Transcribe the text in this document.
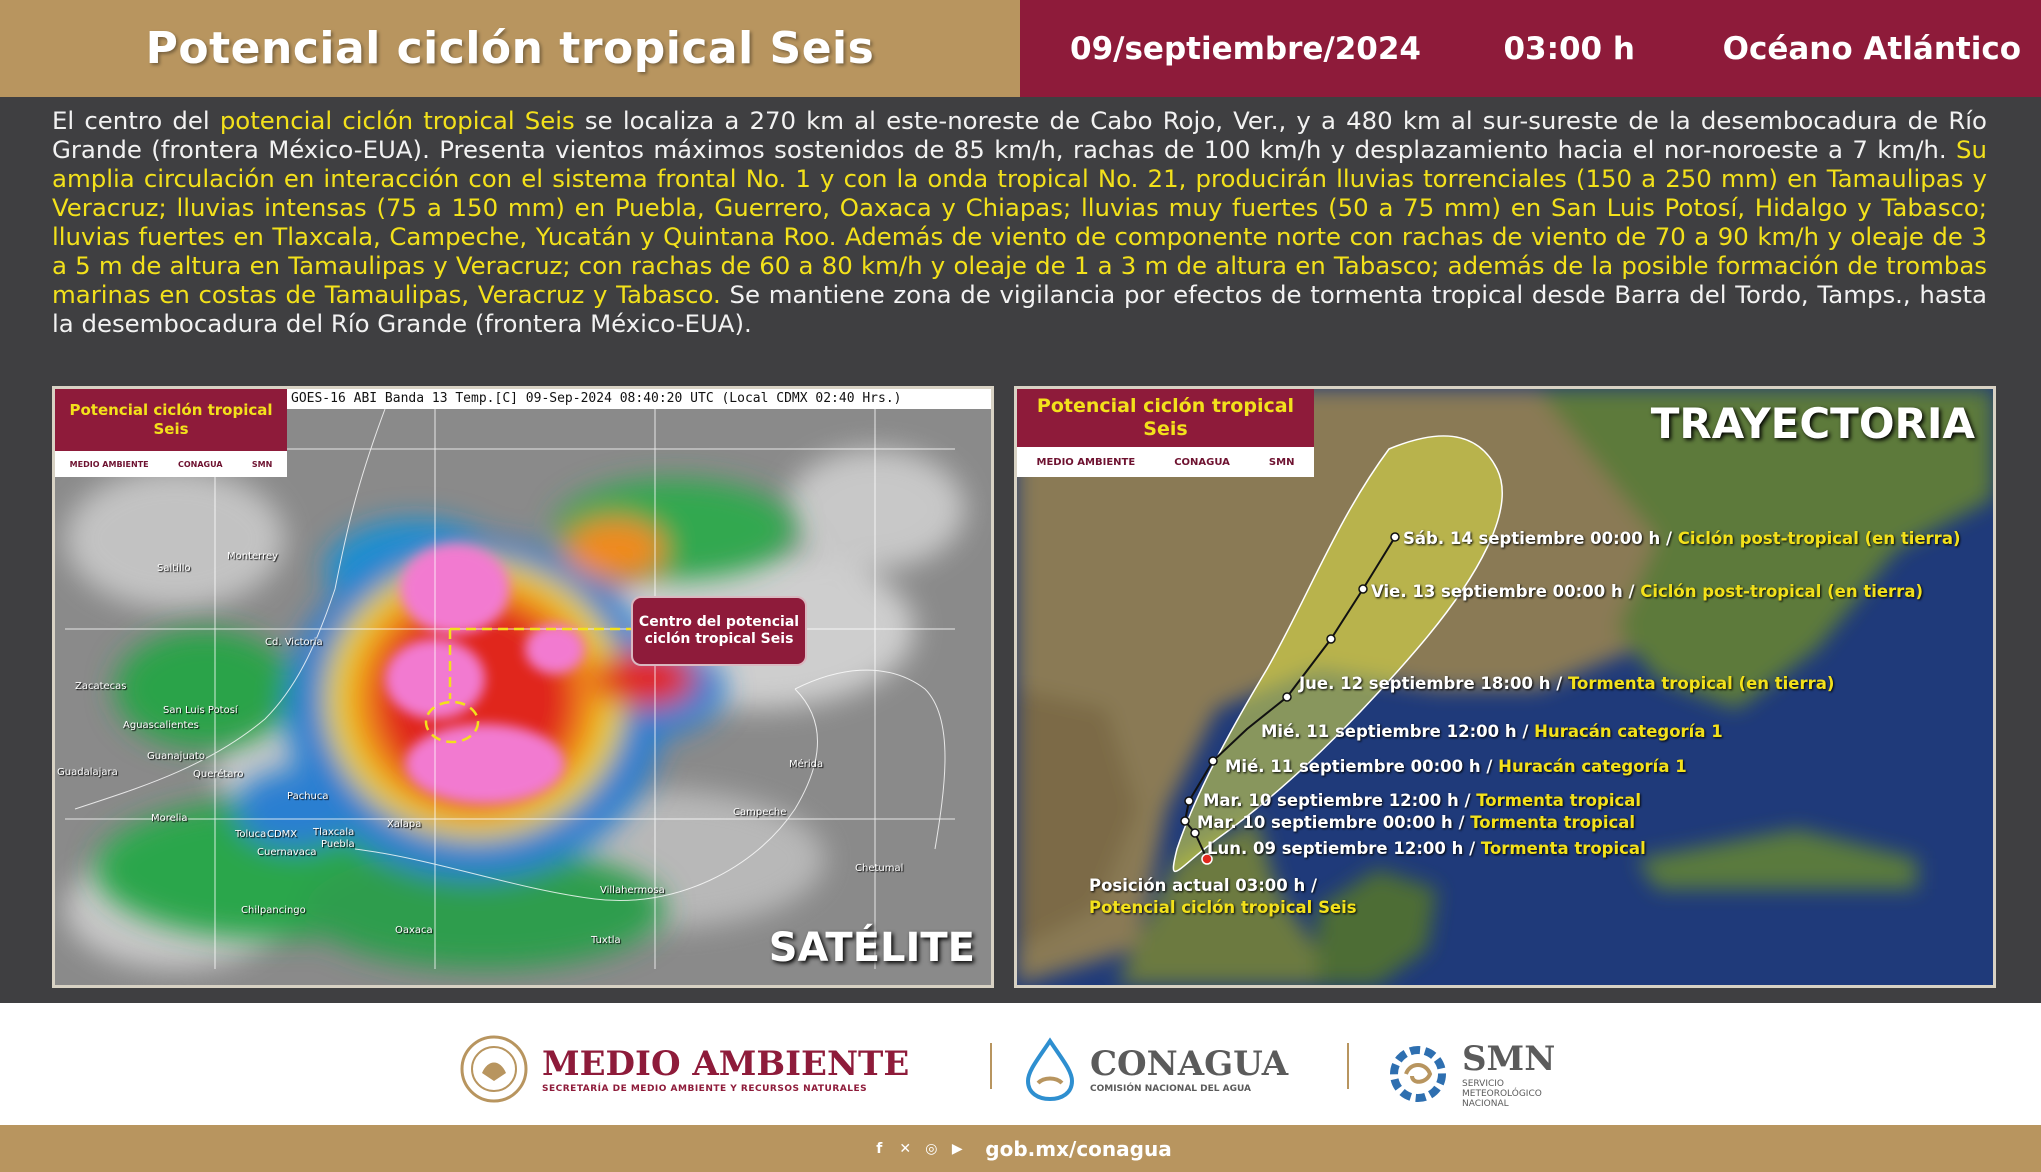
Potencial ciclón tropical Seis	09/septiembre/2024	03:00 h	Océano Atlántico
El centro del potencial ciclón tropical Seis se localiza a 270 km al este-noreste de Cabo Rojo, Ver., y a 480 km al sur-sureste de la desembocadura de Río Grande (frontera México-EUA). Presenta vientos máximos sostenidos de 85 km/h, rachas de 100 km/h y desplazamiento hacia el nor-noroeste a 7 km/h. Su amplia circulación en interacción con el sistema frontal No. 1 y con la onda tropical No. 21, producirán lluvias torrenciales (150 a 250 mm) en Tamaulipas y Veracruz; lluvias intensas (75 a 150 mm) en Puebla, Guerrero, Oaxaca y Chiapas; lluvias muy fuertes (50 a 75 mm) en San Luis Potosí, Hidalgo y Tabasco; lluvias fuertes en Tlaxcala, Campeche, Yucatán y Quintana Roo. Además de viento de componente norte con rachas de viento de 70 a 90 km/h y oleaje de 3 a 5 m de altura en Tamaulipas y Veracruz; con rachas de 60 a 80 km/h y oleaje de 1 a 3 m de altura en Tabasco; además de la posible formación de trombas marinas en costas de Tamaulipas, Veracruz y Tabasco. Se mantiene zona de vigilancia por efectos de tormenta tropical desde Barra del Tordo, Tamps., hasta la desembocadura del Río Grande (frontera México-EUA).
Potencial ciclón tropical Seis
MEDIO AMBIENTE	CONAGUA	SMN
GOES-16 ABI Banda 13 Temp.[C] 09-Sep-2024 08:40:20 UTC (Local CDMX 02:40 Hrs.)
Centro del potencial ciclón tropical Seis
Monterrey
Saltillo
Cd. Victoria
Zacatecas
San Luis Potosí
Aguascalientes
Guanajuato
Querétaro
Pachuca
Morelia
Toluca CDMX Tlaxcala
Puebla
Cuernavaca
Xalapa
Villahermosa
Chilpancingo
Oaxaca
Tuxtla
Campeche
Mérida
Chetumal
Guadalajara
SATÉLITE
Potencial ciclón tropical Seis
MEDIO AMBIENTE	CONAGUA	SMN
TRAYECTORIA
Sáb. 14 septiembre 00:00 h / Ciclón post-tropical (en tierra)
Vie. 13 septiembre 00:00 h / Ciclón post-tropical (en tierra)
Jue. 12 septiembre 18:00 h / Tormenta tropical (en tierra)
Mié. 11 septiembre 12:00 h / Huracán categoría 1
Mié. 11 septiembre 00:00 h / Huracán categoría 1
Mar. 10 septiembre 12:00 h / Tormenta tropical
Mar. 10 septiembre 00:00 h / Tormenta tropical
Lun. 09 septiembre 12:00 h / Tormenta tropical
Posición actual 03:00 h /
Potencial ciclón tropical Seis
MEDIO AMBIENTE
SECRETARÍA DE MEDIO AMBIENTE Y RECURSOS NATURALES
CONAGUA
COMISIÓN NACIONAL DEL AGUA
SMN
SERVICIO
METEOROLÓGICO
NACIONAL
f	✕ ◎	▶ gob.mx/conagua
